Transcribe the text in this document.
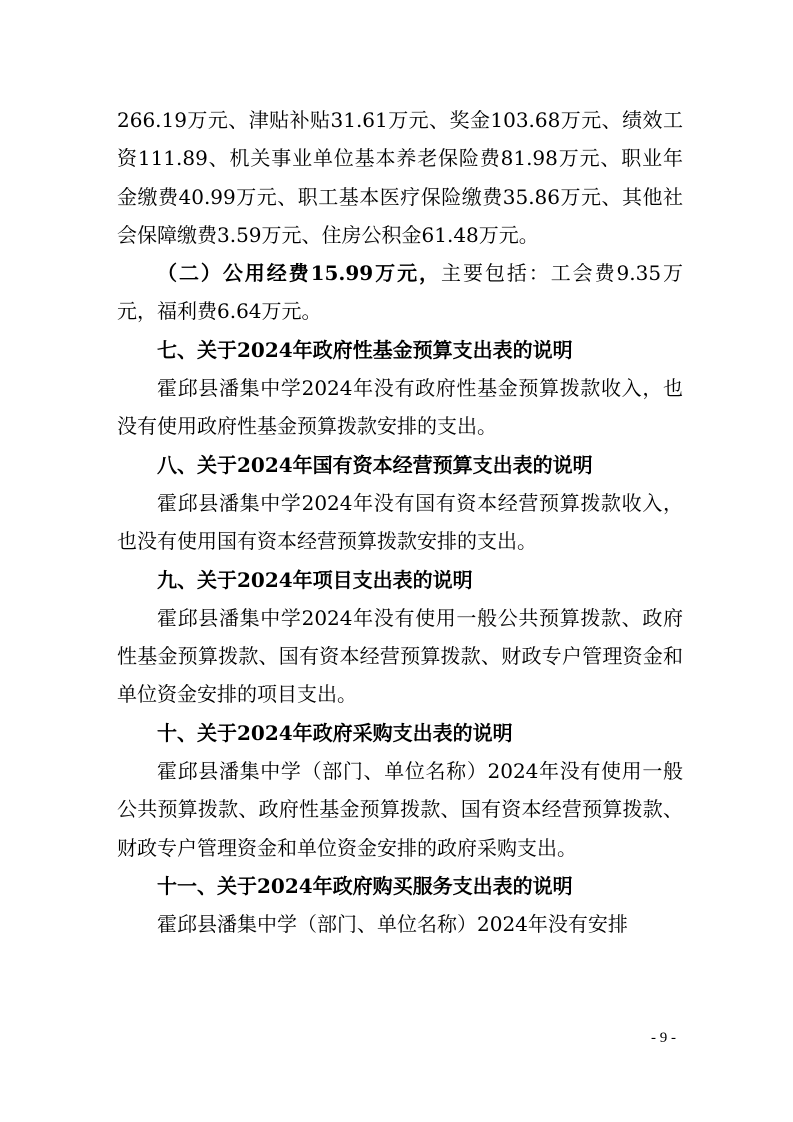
266.19万元、津贴补贴31.61万元、奖金103.68万元、绩效工资111.89、机关事业单位基本养老保险费81.98万元、职业年金缴费40.99万元、职工基本医疗保险缴费35.86万元、其他社会保障缴费3.59万元、住房公积金61.48万元。

（二）公用经费15.99万元，主要包括：工会费9.35万元，福利费6.64万元。

七、关于2024年政府性基金预算支出表的说明

霍邱县潘集中学2024年没有政府性基金预算拨款收入，也没有使用政府性基金预算拨款安排的支出。

八、关于2024年国有资本经营预算支出表的说明

霍邱县潘集中学2024年没有国有资本经营预算拨款收入，也没有使用国有资本经营预算拨款安排的支出。

九、关于2024年项目支出表的说明

霍邱县潘集中学2024年没有使用一般公共预算拨款、政府性基金预算拨款、国有资本经营预算拨款、财政专户管理资金和单位资金安排的项目支出。

十、关于2024年政府采购支出表的说明

霍邱县潘集中学（部门、单位名称）2024年没有使用一般公共预算拨款、政府性基金预算拨款、国有资本经营预算拨款、财政专户管理资金和单位资金安排的政府采购支出。

十一、关于2024年政府购买服务支出表的说明

霍邱县潘集中学（部门、单位名称）2024年没有安排

- 9 -
